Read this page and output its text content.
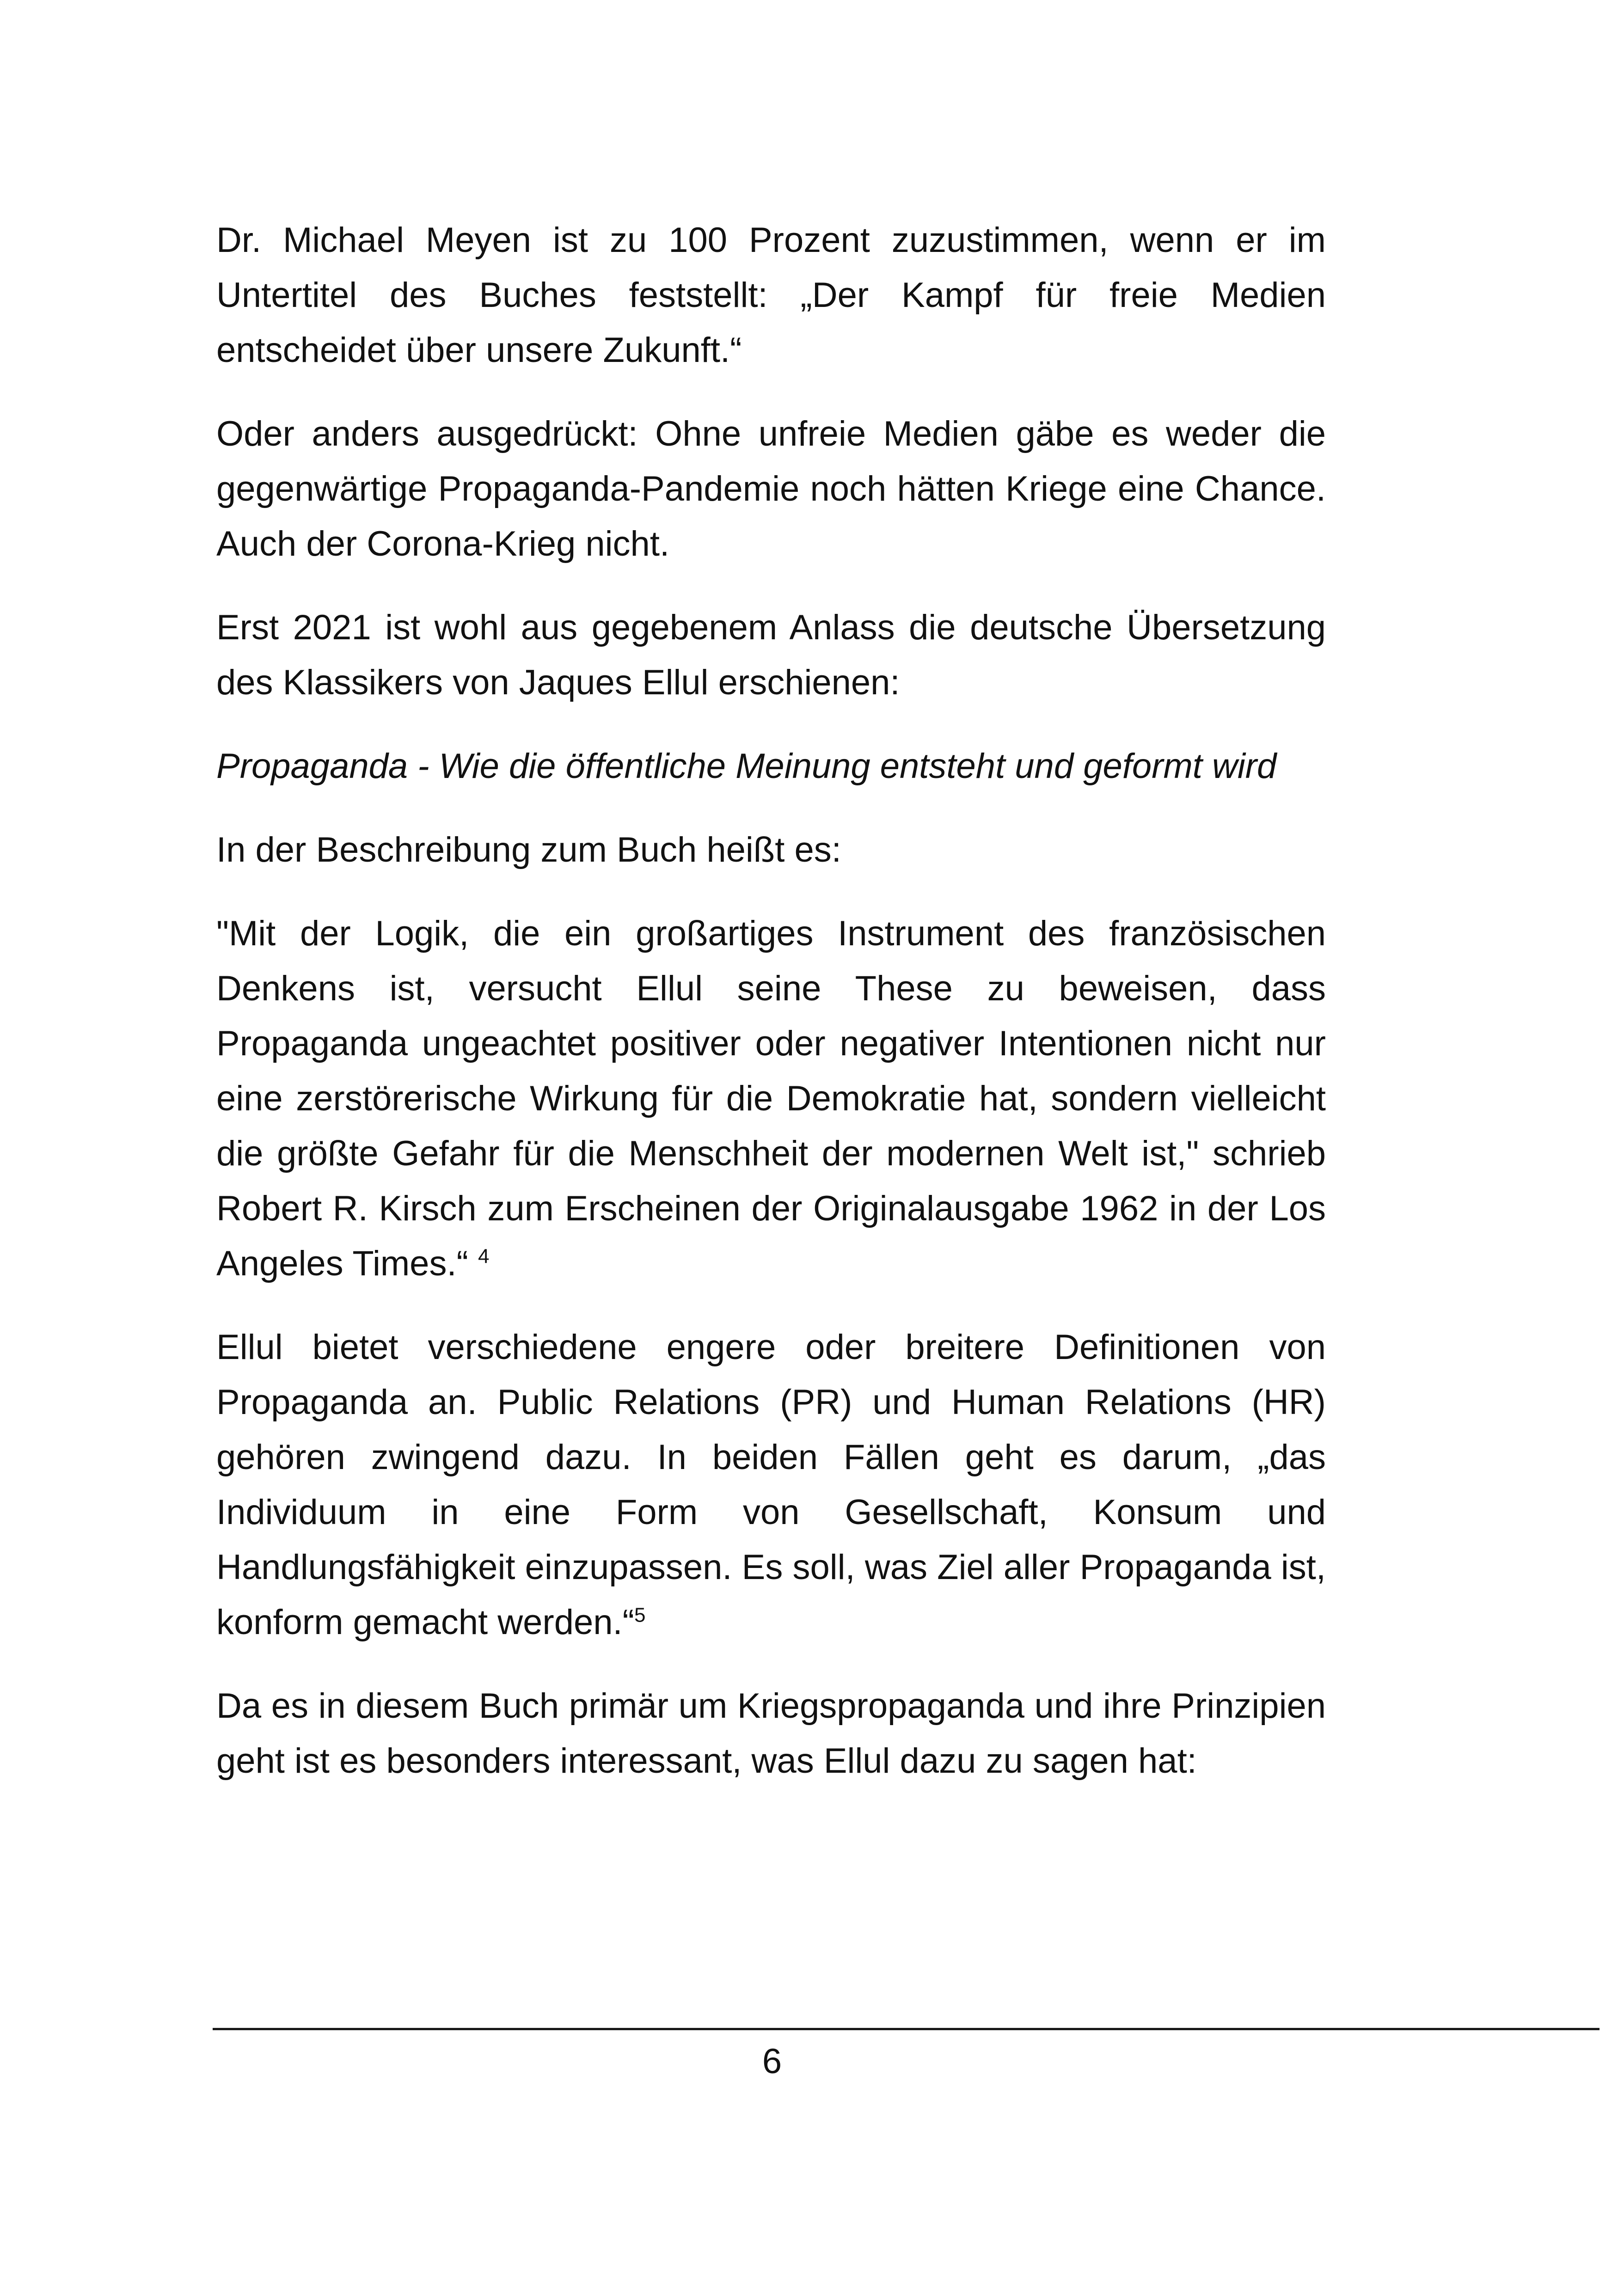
Dr. Michael Meyen ist zu 100 Prozent zuzustimmen, wenn er im Untertitel des Buches feststellt: „Der Kampf für freie Medien entscheidet über unsere Zukunft.“

Oder anders ausgedrückt: Ohne unfreie Medien gäbe es weder die gegenwärtige Propaganda-Pandemie noch hätten Kriege eine Chance. Auch der Corona-Krieg nicht.

Erst 2021 ist wohl aus gegebenem Anlass die deutsche Übersetzung des Klassikers von Jaques Ellul erschienen:

Propaganda - Wie die öffentliche Meinung entsteht und geformt wird

In der Beschreibung zum Buch heißt es:

"Mit der Logik, die ein großartiges Instrument des französischen Denkens ist, versucht Ellul seine These zu beweisen, dass Propaganda ungeachtet positiver oder negativer Intentionen nicht nur eine zerstörerische Wirkung für die Demokratie hat, sondern vielleicht die größte Gefahr für die Menschheit der modernen Welt ist," schrieb Robert R. Kirsch zum Erscheinen der Originalausgabe 1962 in der Los Angeles Times.“ $^4$

Ellul bietet verschiedene engere oder breitere Definitionen von Propaganda an. Public Relations (PR) und Human Relations (HR) gehören zwingend dazu. In beiden Fällen geht es darum, „das Individuum in eine Form von Gesellschaft, Konsum und Handlungsfähigkeit einzupassen. Es soll, was Ziel aller Propaganda ist, konform gemacht werden.“$^5$

Da es in diesem Buch primär um Kriegspropaganda und ihre Prinzipien geht ist es besonders interessant, was Ellul dazu zu sagen hat:

6
